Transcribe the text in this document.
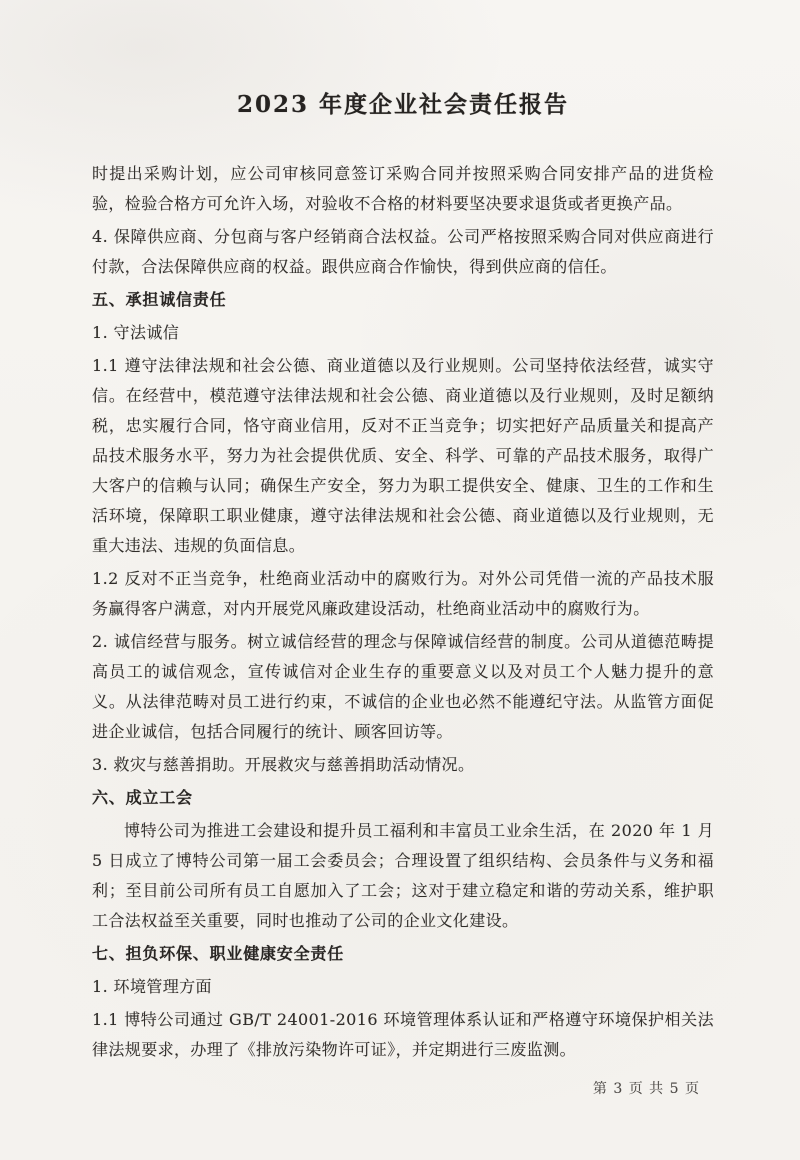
2023 年度企业社会责任报告

时提出采购计划，应公司审核同意签订采购合同并按照采购合同安排产品的进货检验，检验合格方可允许入场，对验收不合格的材料要坚决要求退货或者更换产品。

4. 保障供应商、分包商与客户经销商合法权益。公司严格按照采购合同对供应商进行付款，合法保障供应商的权益。跟供应商合作愉快，得到供应商的信任。

五、承担诚信责任

1. 守法诚信

1.1 遵守法律法规和社会公德、商业道德以及行业规则。公司坚持依法经营，诚实守信。在经营中，模范遵守法律法规和社会公德、商业道德以及行业规则，及时足额纳税，忠实履行合同，恪守商业信用，反对不正当竞争；切实把好产品质量关和提高产品技术服务水平，努力为社会提供优质、安全、科学、可靠的产品技术服务，取得广大客户的信赖与认同；确保生产安全，努力为职工提供安全、健康、卫生的工作和生活环境，保障职工职业健康，遵守法律法规和社会公德、商业道德以及行业规则，无重大违法、违规的负面信息。

1.2 反对不正当竞争，杜绝商业活动中的腐败行为。对外公司凭借一流的产品技术服务赢得客户满意，对内开展党风廉政建设活动，杜绝商业活动中的腐败行为。

2. 诚信经营与服务。树立诚信经营的理念与保障诚信经营的制度。公司从道德范畴提高员工的诚信观念，宣传诚信对企业生存的重要意义以及对员工个人魅力提升的意义。从法律范畴对员工进行约束，不诚信的企业也必然不能遵纪守法。从监管方面促进企业诚信，包括合同履行的统计、顾客回访等。

3. 救灾与慈善捐助。开展救灾与慈善捐助活动情况。

六、成立工会

博特公司为推进工会建设和提升员工福利和丰富员工业余生活，在 2020 年 1 月 5 日成立了博特公司第一届工会委员会；合理设置了组织结构、会员条件与义务和福利；至目前公司所有员工自愿加入了工会；这对于建立稳定和谐的劳动关系，维护职工合法权益至关重要，同时也推动了公司的企业文化建设。

七、担负环保、职业健康安全责任

1. 环境管理方面

1.1 博特公司通过 GB/T 24001-2016 环境管理体系认证和严格遵守环境保护相关法律法规要求，办理了《排放污染物许可证》，并定期进行三废监测。

第 3 页 共 5 页
